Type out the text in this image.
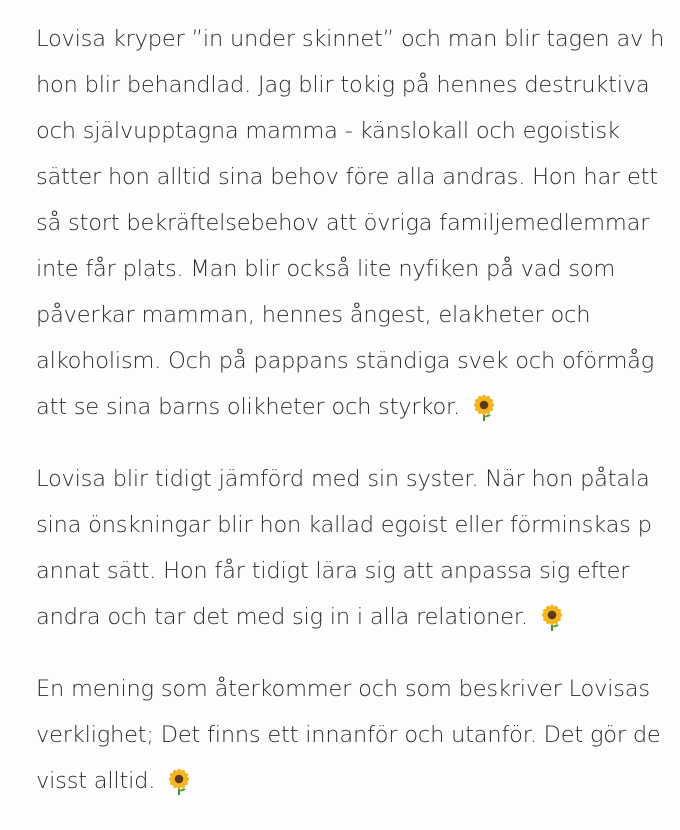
Lovisa kryper ”in under skinnet” och man blir tagen av h
hon blir behandlad. Jag blir tokig på hennes destruktiva
och självupptagna mamma - känslokall och egoistisk
sätter hon alltid sina behov före alla andras. Hon har ett
så stort bekräftelsebehov att övriga familjemedlemmar
inte får plats. Man blir också lite nyfiken på vad som
påverkar mamman, hennes ångest, elakheter och
alkoholism. Och på pappans ständiga svek och oförmåg
att se sina barns olikheter och styrkor.

Lovisa blir tidigt jämförd med sin syster. När hon påtala
sina önskningar blir hon kallad egoist eller förminskas p
annat sätt. Hon får tidigt lära sig att anpassa sig efter
andra och tar det med sig in i alla relationer.

En mening som återkommer och som beskriver Lovisas
verklighet; Det finns ett innanför och utanför. Det gör de
visst alltid.
